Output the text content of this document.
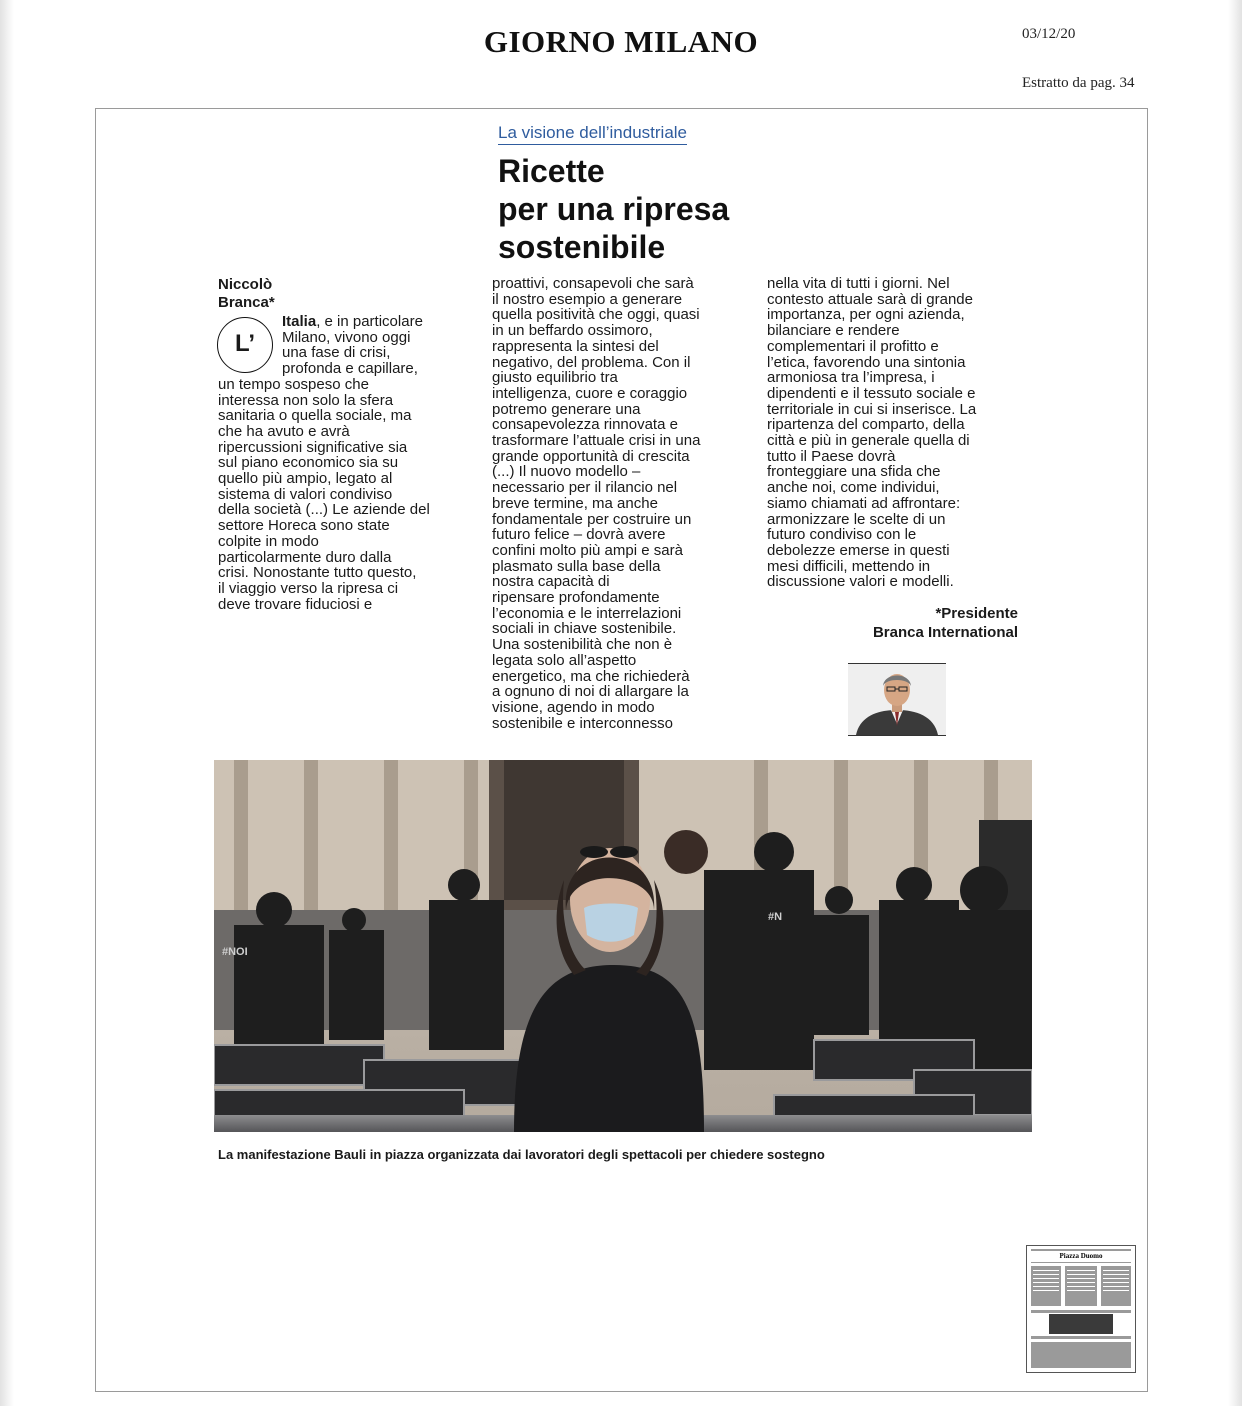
GIORNO MILANO	03/12/20
Estratto da pag. 34
La visione dell’industriale
Ricette
per una ripresa
sostenibile
Niccolò
Branca*
L’
Italia, e in particolare
Milano, vivono oggi
una fase di crisi,
profonda e capillare,
un tempo sospeso che
interessa non solo la sfera
sanitaria o quella sociale, ma
che ha avuto e avrà
ripercussioni significative sia
sul piano economico sia su
quello più ampio, legato al
sistema di valori condiviso
della società (...) Le aziende del
settore Horeca sono state
colpite in modo
particolarmente duro dalla
crisi. Nonostante tutto questo,
il viaggio verso la ripresa ci
deve trovare fiduciosi e
proattivi, consapevoli che sarà
il nostro esempio a generare
quella positività che oggi, quasi
in un beffardo ossimoro,
rappresenta la sintesi del
negativo, del problema. Con il
giusto equilibrio tra
intelligenza, cuore e coraggio
potremo generare una
consapevolezza rinnovata e
trasformare l’attuale crisi in una
grande opportunità di crescita
(...) Il nuovo modello –
necessario per il rilancio nel
breve termine, ma anche
fondamentale per costruire un
futuro felice – dovrà avere
confini molto più ampi e sarà
plasmato sulla base della
nostra capacità di
ripensare profondamente
l’economia e le interrelazioni
sociali in chiave sostenibile.
Una sostenibilità che non è
legata solo all’aspetto
energetico, ma che richiederà
a ognuno di noi di allargare la
visione, agendo in modo
sostenibile e interconnesso
nella vita di tutti i giorni. Nel
contesto attuale sarà di grande
importanza, per ogni azienda,
bilanciare e rendere
complementari il profitto e
l’etica, favorendo una sintonia
armoniosa tra l’impresa, i
dipendenti e il tessuto sociale e
territoriale in cui si inserisce. La
ripartenza del comparto, della
città e più in generale quella di
tutto il Paese dovrà
fronteggiare una sfida che
anche noi, come individui,
siamo chiamati ad affrontare:
armonizzare le scelte di un
futuro condiviso con le
debolezze emerse in questi
mesi difficili, mettendo in
discussione valori e modelli.
*Presidente
Branca International
#NOI
#N
La manifestazione Bauli in piazza organizzata dai lavoratori degli spettacoli per chiedere sostegno
Piazza Duomo
